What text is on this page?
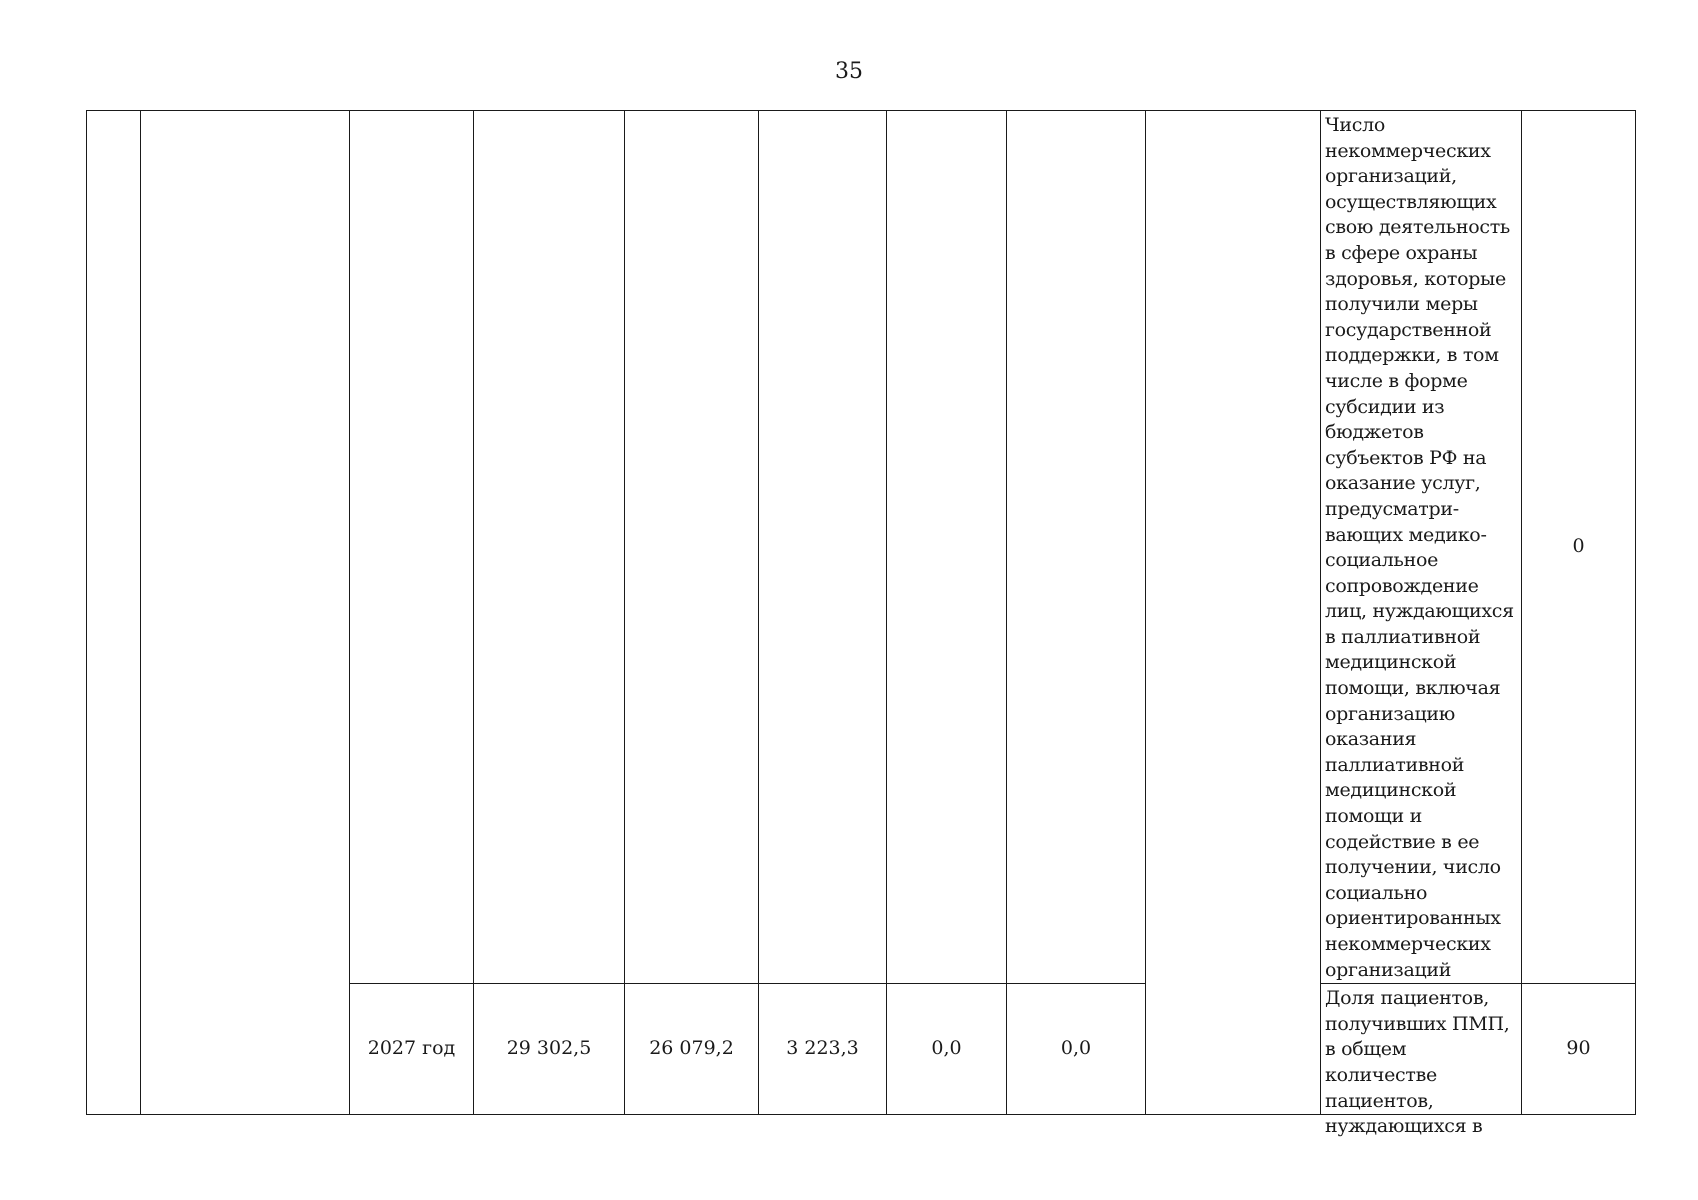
35
									Число некоммерческих организаций, осуществляющих свою деятельность в сфере охраны здоровья, которые получили меры государственной поддержки, в том числе в форме субсидии из бюджетов субъектов РФ на оказание услуг, предусматри-вающих медико-социальное сопровождение лиц, нуждающихся в паллиативной медицинской помощи, включая организацию оказания паллиативной медицинской помощи и содействие в ее получении, число социально ориентированных некоммерческих организаций	0
		2027 год	29 302,5	26 079,2	3 223,3	0,0	0,0		Доля пациентов, получивших ПМП, в общем количестве пациентов, нуждающихся в	90
